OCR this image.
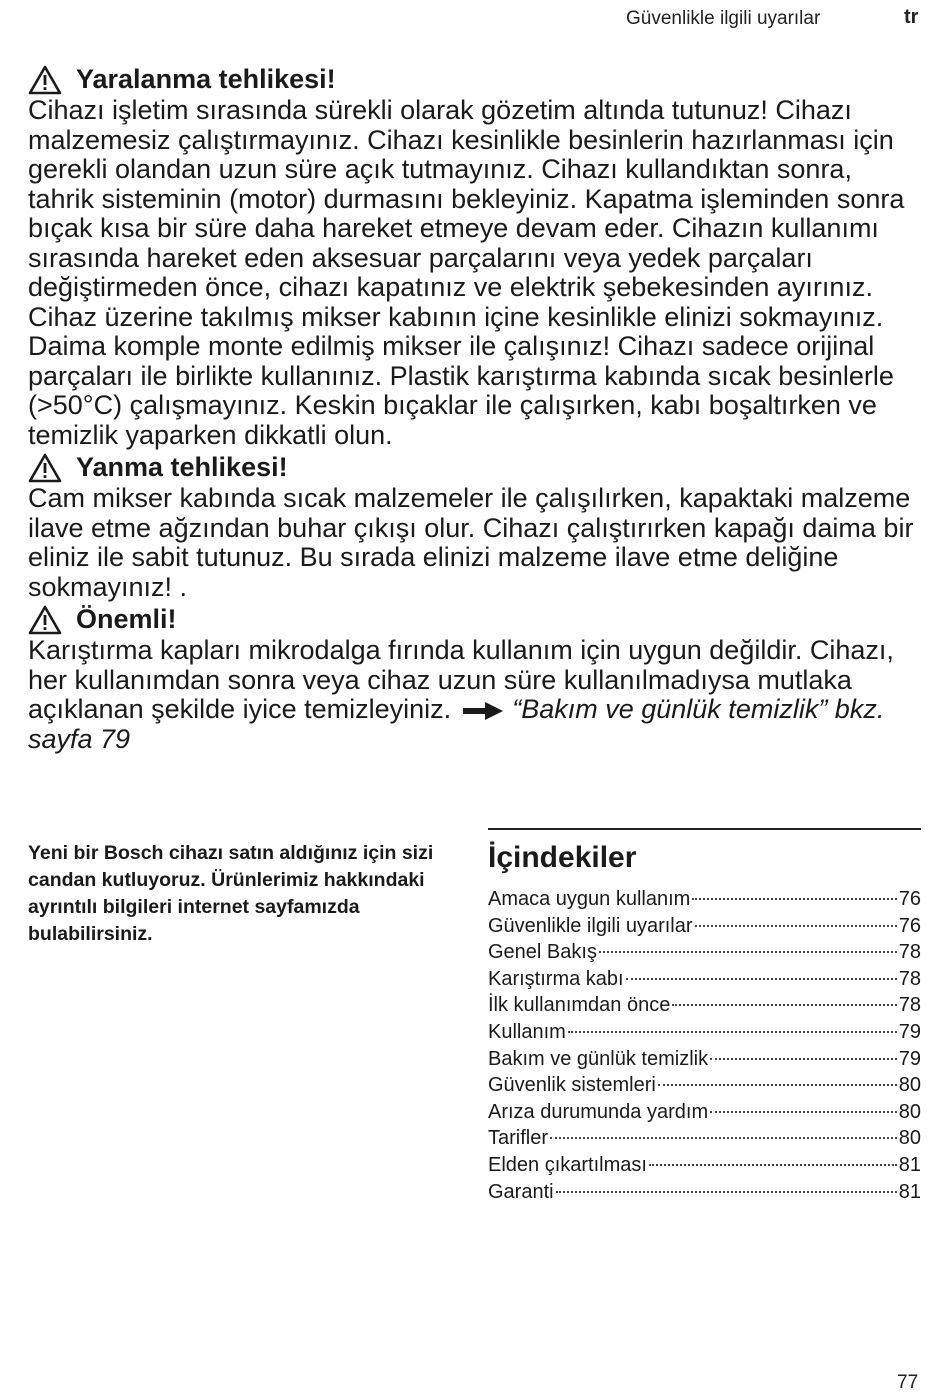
Güvenlikle ilgili uyarılar	tr
Yaralanma tehlikesi!

Cihazı işletim sırasında sürekli olarak gözetim altında tutunuz! Cihazı malzemesiz çalıştırmayınız. Cihazı kesinlikle besinlerin hazırlanması için gerekli olandan uzun süre açık tutmayınız. Cihazı kullandıktan sonra, tahrik sisteminin (motor) durmasını bekleyiniz. Kapatma işleminden sonra bıçak kısa bir süre daha hareket etmeye devam eder. Cihazın kullanımı sırasında hareket eden aksesuar parçalarını veya yedek parçaları değiştirmeden önce, cihazı kapatınız ve elektrik şebekesinden ayırınız. Cihaz üzerine takılmış mikser kabının içine kesinlikle elinizi sokmayınız. Daima komple monte edilmiş mikser ile çalışınız! Cihazı sadece orijinal parçaları ile birlikte kullanınız. Plastik karıştırma kabında sıcak besinlerle (>50°C) çalışmayınız. Keskin bıçaklar ile çalışırken, kabı boşaltırken ve temizlik yaparken dikkatli olun.

Yanma tehlikesi!

Cam mikser kabında sıcak malzemeler ile çalışılırken, kapaktaki malzeme ilave etme ağzından buhar çıkışı olur. Cihazı çalıştırırken kapağı daima bir eliniz ile sabit tutunuz. Bu sırada elinizi malzeme ilave etme deliğine sokmayınız! .

Önemli!

Karıştırma kapları mikrodalga fırında kullanım için uygun değildir. Cihazı, her kullanımdan sonra veya cihaz uzun süre kullanılmadıysa mutlaka açıklanan şekilde iyice temizleyiniz. “Bakım ve günlük temizlik” bkz. sayfa 79

Yeni bir Bosch cihazı satın aldığınız için sizi candan kutluyoruz. Ürünlerimiz hakkındaki ayrıntılı bilgileri internet sayfamızda bulabilirsiniz.
İçindekiler
Amaca uygun kullanım	76
Güvenlikle ilgili uyarılar	76
Genel Bakış	78
Karıştırma kabı	78
İlk kullanımdan önce	78
Kullanım	79
Bakım ve günlük temizlik	79
Güvenlik sistemleri	80
Arıza durumunda yardım	80
Tarifler	80
Elden çıkartılması	81
Garanti	81
77
